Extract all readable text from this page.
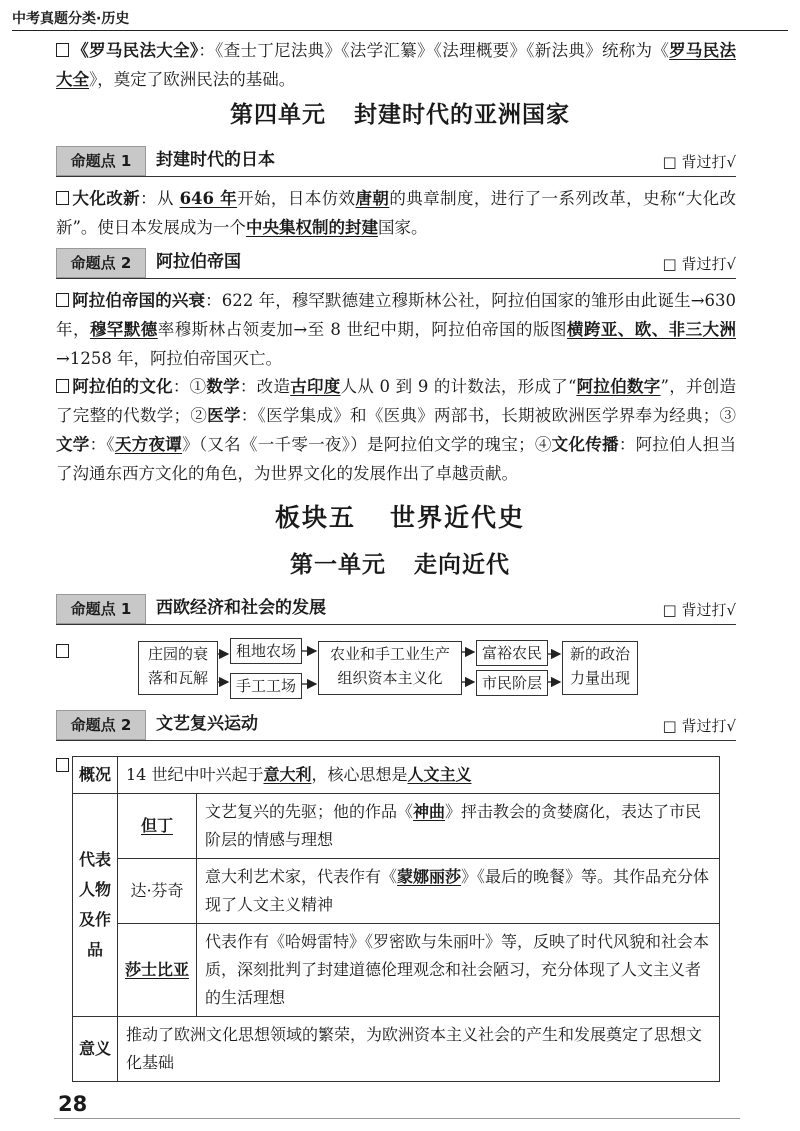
中考真题分类·历史
《罗马民法大全》：《查士丁尼法典》《法学汇纂》《法理概要》《新法典》统称为《罗马民法大全》，奠定了欧洲民法的基础。
第四单元 封建时代的亚洲国家
命题点 1	封建时代的日本	□ 背过打√
大化改新：从 646 年开始，日本仿效唐朝的典章制度，进行了一系列改革，史称“大化改新”。使日本发展成为一个中央集权制的封建国家。
命题点 2	阿拉伯帝国	□ 背过打√
阿拉伯帝国的兴衰：622 年，穆罕默德建立穆斯林公社，阿拉伯国家的雏形由此诞生→630 年，穆罕默德率穆斯林占领麦加→至 8 世纪中期，阿拉伯帝国的版图横跨亚、欧、非三大洲→1258 年，阿拉伯帝国灭亡。
阿拉伯的文化：①数学：改造古印度人从 0 到 9 的计数法，形成了“阿拉伯数字”，并创造了完整的代数学；②医学：《医学集成》和《医典》两部书，长期被欧洲医学界奉为经典；③文学：《天方夜谭》（又名《一千零一夜》）是阿拉伯文学的瑰宝；④文化传播：阿拉伯人担当了沟通东西方文化的角色，为世界文化的发展作出了卓越贡献。
板块五 世界近代史
第一单元 走向近代
命题点 1	西欧经济和社会的发展	□ 背过打√
庄园的衰
落和瓦解
租地农场
手工工场
农业和手工业生产
组织资本主义化
富裕农民
市民阶层
新的政治
力量出现
命题点 2	文艺复兴运动	□ 背过打√
概况	14 世纪中叶兴起于意大利，核心思想是人文主义	
代表人物及作品	但丁	文艺复兴的先驱；他的作品《神曲》抨击教会的贪婪腐化，表达了市民阶层的情感与理想
	达·芬奇	意大利艺术家，代表作有《蒙娜丽莎》《最后的晚餐》等。其作品充分体现了人文主义精神
	莎士比亚	代表作有《哈姆雷特》《罗密欧与朱丽叶》等，反映了时代风貌和社会本质，深刻批判了封建道德伦理观念和社会陋习，充分体现了人文主义者的生活理想
意义	推动了欧洲文化思想领域的繁荣，为欧洲资本主义社会的产生和发展奠定了思想文化基础	
28
